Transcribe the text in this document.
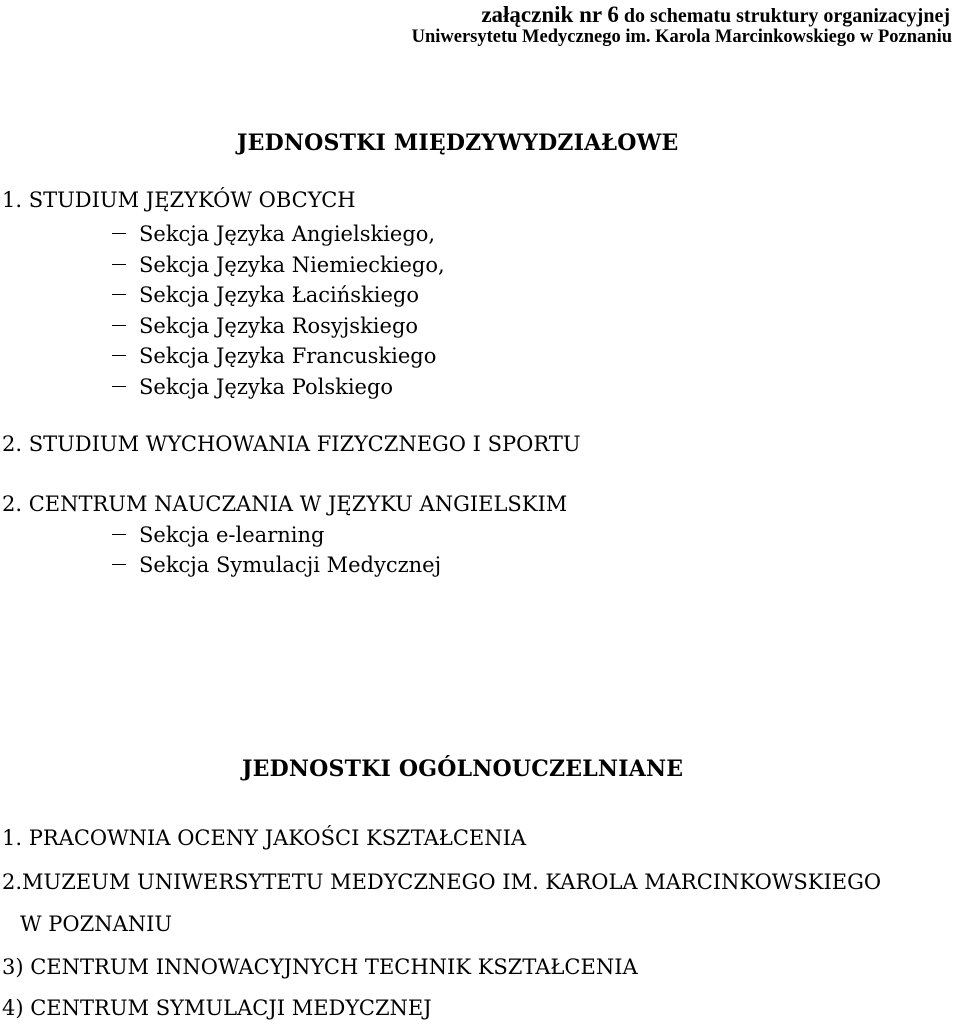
załącznik nr 6 do schematu struktury organizacyjnej
Uniwersytetu Medycznego im. Karola Marcinkowskiego w Poznaniu
JEDNOSTKI MIĘDZYWYDZIAŁOWE
1. STUDIUM JĘZYKÓW OBCYCH
Sekcja Języka Angielskiego,
Sekcja Języka Niemieckiego,
Sekcja Języka Łacińskiego
Sekcja Języka Rosyjskiego
Sekcja Języka Francuskiego
Sekcja Języka Polskiego
2. STUDIUM WYCHOWANIA FIZYCZNEGO I SPORTU
2. CENTRUM NAUCZANIA W JĘZYKU ANGIELSKIM
Sekcja e-learning
Sekcja Symulacji Medycznej
JEDNOSTKI OGÓLNOUCZELNIANE
1. PRACOWNIA OCENY JAKOŚCI KSZTAŁCENIA
2.MUZEUM UNIWERSYTETU MEDYCZNEGO IM. KAROLA MARCINKOWSKIEGO
W POZNANIU
3) CENTRUM INNOWACYJNYCH TECHNIK KSZTAŁCENIA
4) CENTRUM SYMULACJI MEDYCZNEJ
